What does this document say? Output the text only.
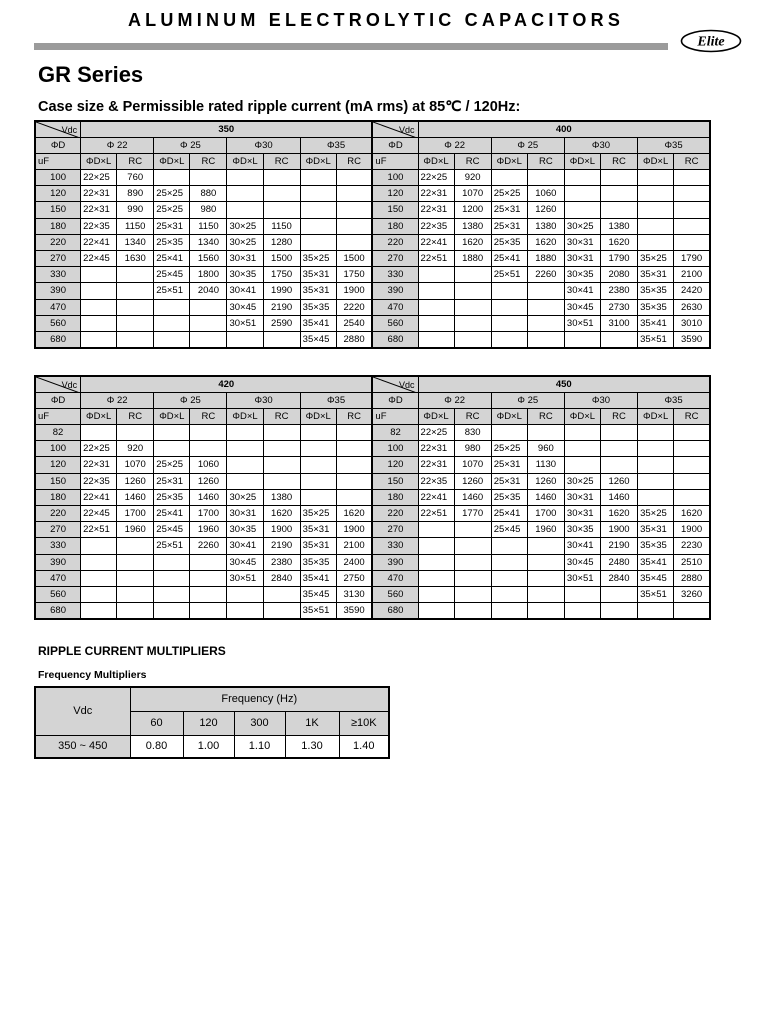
ALUMINUM ELECTROLYTIC CAPACITORS
Elite
GR Series
Case size & Permissible rated ripple current (mA rms) at 85℃ / 120Hz:
Vdc	350								Vdc	400							
ΦD	Φ 22		Φ 25		Φ30		Φ35		ΦD	Φ 22		Φ 25		Φ30		Φ35	
uF	ΦD×L	RC	ΦD×L	RC	ΦD×L	RC	ΦD×L	RC	uF	ΦD×L	RC	ΦD×L	RC	ΦD×L	RC	ΦD×L	RC
100	22×25	760							100	22×25	920						
120	22×31	890	25×25	880					120	22×31	1070	25×25	1060				
150	22×31	990	25×25	980					150	22×31	1200	25×31	1260				
180	22×35	1150	25×31	1150	30×25	1150			180	22×35	1380	25×31	1380	30×25	1380		
220	22×41	1340	25×35	1340	30×25	1280			220	22×41	1620	25×35	1620	30×31	1620		
270	22×45	1630	25×41	1560	30×31	1500	35×25	1500	270	22×51	1880	25×41	1880	30×31	1790	35×25	1790
330			25×45	1800	30×35	1750	35×31	1750	330			25×51	2260	30×35	2080	35×31	2100
390			25×51	2040	30×41	1990	35×31	1900	390					30×41	2380	35×35	2420
470					30×45	2190	35×35	2220	470					30×45	2730	35×35	2630
560					30×51	2590	35×41	2540	560					30×51	3100	35×41	3010
680							35×45	2880	680							35×51	3590
Vdc	420								Vdc	450							
ΦD	Φ 22		Φ 25		Φ30		Φ35		ΦD	Φ 22		Φ 25		Φ30		Φ35	
uF	ΦD×L	RC	ΦD×L	RC	ΦD×L	RC	ΦD×L	RC	uF	ΦD×L	RC	ΦD×L	RC	ΦD×L	RC	ΦD×L	RC
82									82	22×25	830						
100	22×25	920							100	22×31	980	25×25	960				
120	22×31	1070	25×25	1060					120	22×31	1070	25×31	1130				
150	22×35	1260	25×31	1260					150	22×35	1260	25×31	1260	30×25	1260		
180	22×41	1460	25×35	1460	30×25	1380			180	22×41	1460	25×35	1460	30×31	1460		
220	22×45	1700	25×41	1700	30×31	1620	35×25	1620	220	22×51	1770	25×41	1700	30×31	1620	35×25	1620
270	22×51	1960	25×45	1960	30×35	1900	35×31	1900	270			25×45	1960	30×35	1900	35×31	1900
330			25×51	2260	30×41	2190	35×31	2100	330					30×41	2190	35×35	2230
390					30×45	2380	35×35	2400	390					30×45	2480	35×41	2510
470					30×51	2840	35×41	2750	470					30×51	2840	35×45	2880
560							35×45	3130	560							35×51	3260
680							35×51	3590	680								
RIPPLE CURRENT MULTIPLIERS
Frequency Multipliers
Vdc	Frequency (Hz)				
	60	120	300	1K	≥10K
350 ~ 450	0.80	1.00	1.10	1.30	1.40
